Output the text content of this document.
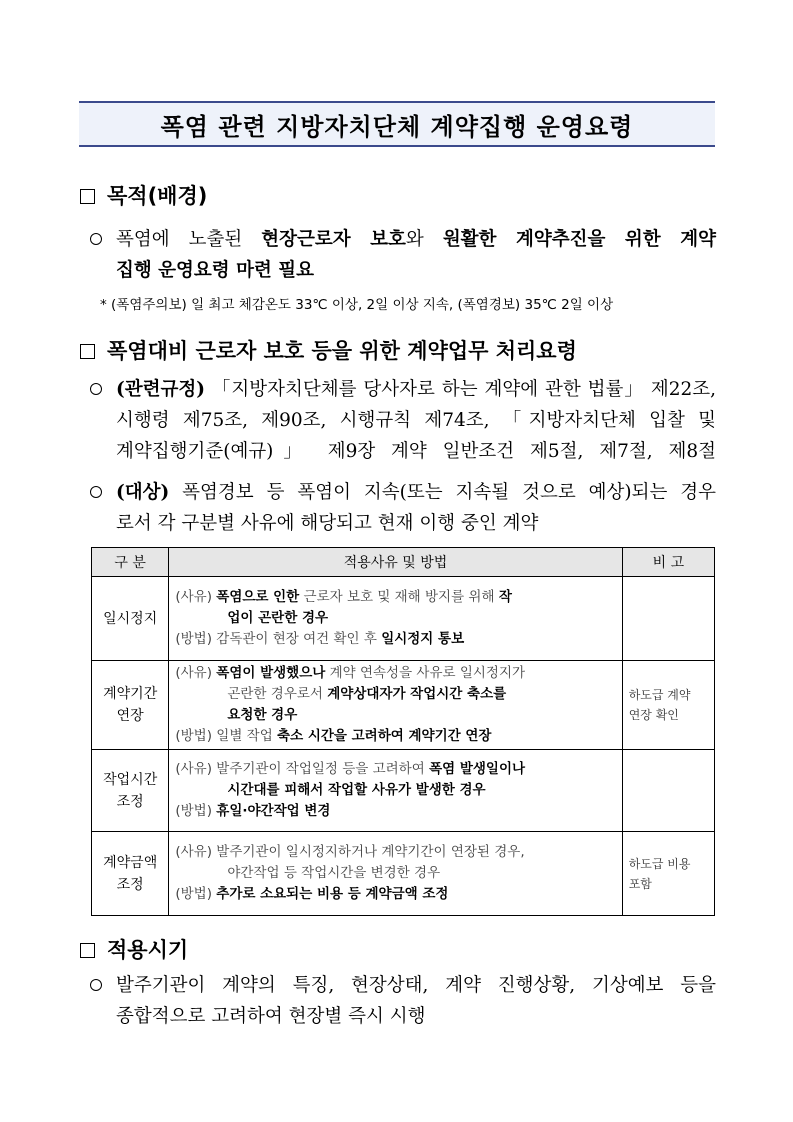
폭염 관련 지방자치단체 계약집행 운영요령
목적(배경)
폭염에 노출된 현장근로자 보호와 원활한 계약추진을 위한 계약
집행 운영요령 마련 필요
* (폭염주의보) 일 최고 체감온도 33℃ 이상, 2일 이상 지속, (폭염경보) 35℃ 2일 이상
폭염대비 근로자 보호 등을 위한 계약업무 처리요령
(관련규정) 「지방자치단체를 당사자로 하는 계약에 관한 법률」 제22조,
시행령 제75조, 제90조, 시행규칙 제74조, 「지방자치단체 입찰 및
계약집행기준(예규)」 제9장 계약 일반조건 제5절, 제7절, 제8절
(대상) 폭염경보 등 폭염이 지속(또는 지속될 것으로 예상)되는 경우
로서 각 구분별 사유에 해당되고 현재 이행 중인 계약
구 분	적용사유 및 방법	비 고

일시정지	(사유) 폭염으로 인한 근로자 보호 및 재해 방지를 위해 작
업이 곤란한 경우
(방법) 감독관이 현장 여건 확인 후 일시정지 통보	

계약기간
연장	(사유) 폭염이 발생했으나 계약 연속성을 사유로 일시정지가
곤란한 경우로서 계약상대자가 작업시간 축소를
요청한 경우
(방법) 일별 작업 축소 시간을 고려하여 계약기간 연장	하도급 계약
연장 확인

작업시간
조정	(사유) 발주기관이 작업일정 등을 고려하여 폭염 발생일이나
시간대를 피해서 작업할 사유가 발생한 경우
(방법) 휴일·야간작업 변경	

계약금액
조정	(사유) 발주기관이 일시정지하거나 계약기간이 연장된 경우,
야간작업 등 작업시간을 변경한 경우
(방법) 추가로 소요되는 비용 등 계약금액 조정	하도급 비용
포함
적용시기
발주기관이 계약의 특징, 현장상태, 계약 진행상황, 기상예보 등을
종합적으로 고려하여 현장별 즉시 시행
